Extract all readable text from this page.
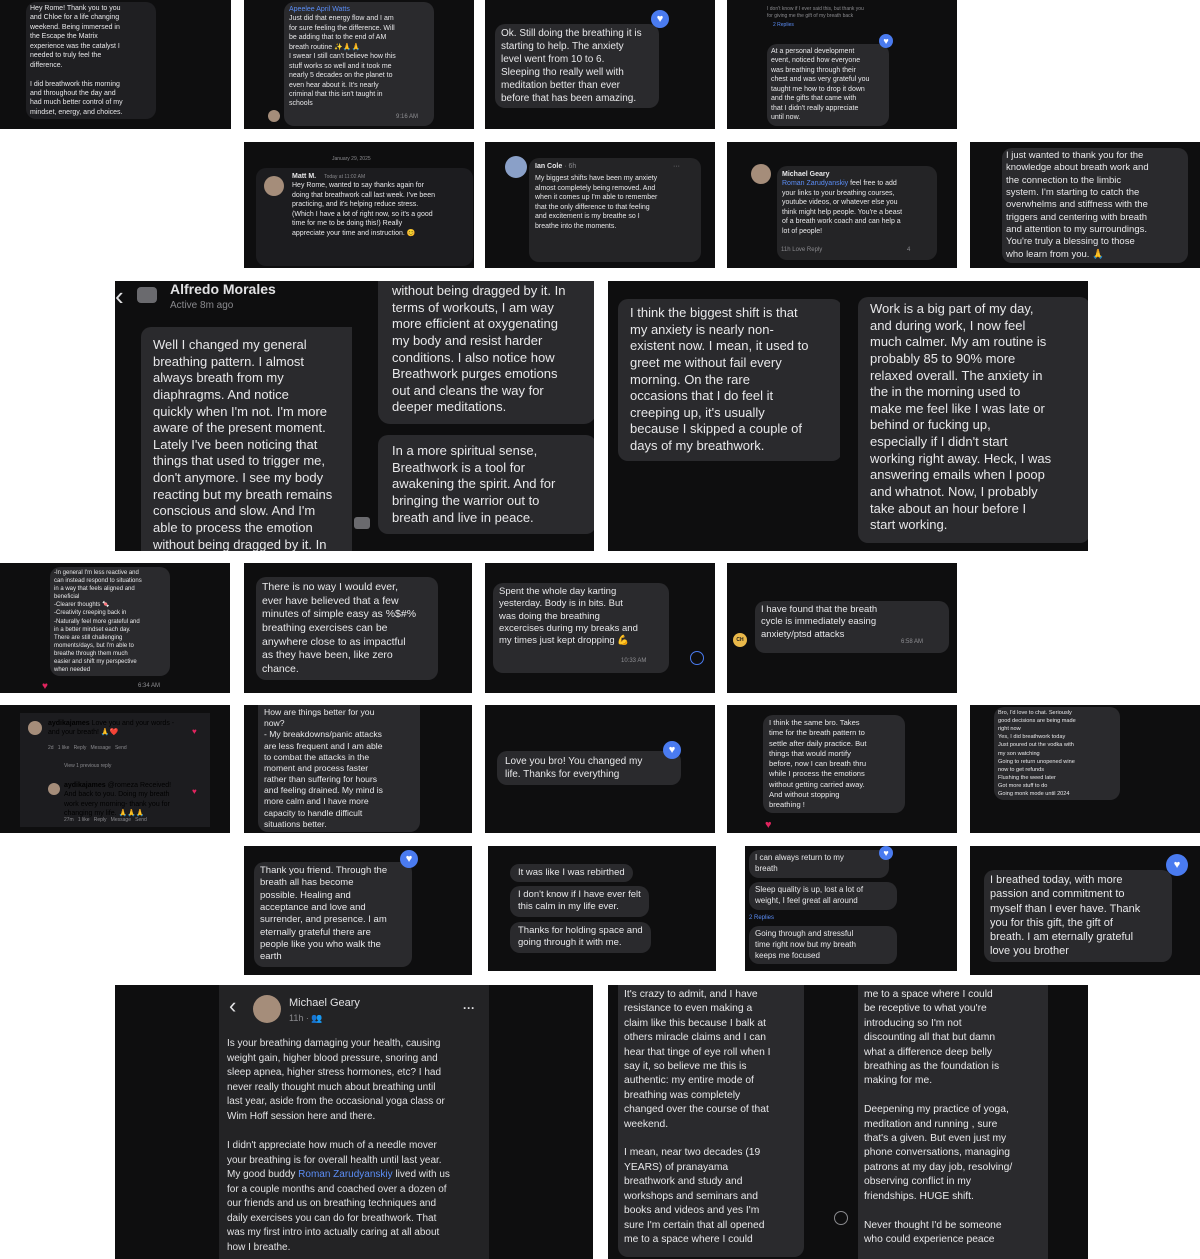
Hey Rome! Thank you to you
and Chloe for a life changing
weekend. Being immersed in
the Escape the Matrix
experience was the catalyst I
needed to truly feel the
difference.

I did breathwork this morning
and throughout the day and
had much better control of my
mindset, energy, and choices.
Apeelee April Watts
Just did that energy flow and I am
for sure feeling the difference. Will
be adding that to the end of AM
breath routine ✨🙏🙏
I swear I still can't believe how this
stuff works so well and it took me
nearly 5 decades on the planet to
even hear about it. It's nearly
criminal that this isn't taught in
schools
9:16 AM
Ok. Still doing the breathing it is
starting to help. The anxiety
level went from 10 to 6.
Sleeping tho really well with
meditation better than ever
before that has been amazing.
♥
I don't know if I ever said this, but thank you
for giving me the gift of my breath back
2 Replies
At a personal development
event, noticed how everyone
was breathing through their
chest and was very grateful you
taught me how to drop it down
and the gifts that came with
that I didn't really appreciate
until now.
♥
January 29, 2025
Matt M. Today at 11:02 AM
Hey Rome, wanted to say thanks again for
doing that breathwork call last week. I've been
practicing, and it's helping reduce stress.
(Which I have a lot of right now, so it's a good
time for me to be doing this!) Really
appreciate your time and instruction. 😊
Ian Cole · 6h
My biggest shifts have been my anxiety
almost completely being removed. And
when it comes up I'm able to remember
that the only difference to that feeling
and excitement is my breathe so I
breathe into the moments.
···
Michael Geary
Roman Zarudyanskiy feel free to add
your links to your breathing courses,
youtube videos, or whatever else you
think might help people. You're a beast
of a breath work coach and can help a
lot of people!
11h Love Reply	4
I just wanted to thank you for the
knowledge about breath work and
the connection to the limbic
system. I'm starting to catch the
overwhelms and stiffness with the
triggers and centering with breath
and attention to my surroundings.
You're truly a blessing to those
who learn from you. 🙏
‹	Alfredo Morales
Active 8m ago
Well I changed my general
breathing pattern. I almost
always breath from my
diaphragms. And notice
quickly when I'm not. I'm more
aware of the present moment.
Lately I've been noticing that
things that used to trigger me,
don't anymore. I see my body
reacting but my breath remains
conscious and slow. And I'm
able to process the emotion
without being dragged by it. In
without being dragged by it. In
terms of workouts, I am way
more efficient at oxygenating
my body and resist harder
conditions. I also notice how
Breathwork purges emotions
out and cleans the way for
deeper meditations.
In a more spiritual sense,
Breathwork is a tool for
awakening the spirit. And for
bringing the warrior out to
breath and live in peace.
I think the biggest shift is that
my anxiety is nearly non-
existent now. I mean, it used to
greet me without fail every
morning. On the rare
occasions that I do feel it
creeping up, it's usually
because I skipped a couple of
days of my breathwork.
Work is a big part of my day,
and during work, I now feel
much calmer. My am routine is
probably 85 to 90% more
relaxed overall. The anxiety in
the in the morning used to
make me feel like I was late or
behind or fucking up,
especially if I didn't start
working right away. Heck, I was
answering emails when I poop
and whatnot. Now, I probably
take about an hour before I
start working.
-In general I'm less reactive and
can instead respond to situations
in a way that feels aligned and
beneficial
-Clearer thoughts 🍬
-Creativity creeping back in
-Naturally feel more grateful and
in a better mindset each day.
There are still challenging
moments/days, but I'm able to
breathe through them much
easier and shift my perspective
when needed
6:34 AM
♥
There is no way I would ever,
ever have believed that a few
minutes of simple easy as %$#%
breathing exercises can be
anywhere close to as impactful
as they have been, like zero
chance.
Spent the whole day karting
yesterday. Body is in bits. But
was doing the breathing
excercises during my breaks and
my times just kept dropping 💪
10:33 AM
I have found that the breath
cycle is immediately easing
anxiety/ptsd attacks
6:58 AM
CH
aydikajames Love you and your words -
and your breath! 🙏❤️
2d   1 like   Reply   Message   Send
View 1 previous reply
aydikajames @romeza Received!
And back to you. Doing my breath
work every morning- thank you for
changing my life. 🙏🙏🙏
27m   1 like   Reply   Message   Send
♥
♥
How are things better for you
now?
- My breakdowns/panic attacks
are less frequent and I am able
to combat the attacks in the
moment and process faster
rather than suffering for hours
and feeling drained. My mind is
more calm and I have more
capacity to handle difficult
situations better.
Love you bro! You changed my
life. Thanks for everything
♥
I think the same bro. Takes
time for the breath pattern to
settle after daily practice. But
things that would mortify
before, now I can breath thru
while I process the emotions
without getting carried away.
And without stopping
breathing !
♥
Bro, I'd love to chat. Seriously
good decisions are being made
right now
Yes, I did breathwork today
Just poured out the vodka with
my son watching
Going to return unopened wine
now to get refunds
Flushing the weed later
Got more stuff to do
Going monk mode until 2024
Thank you friend. Through the
breath all has become
possible. Healing and
acceptance and love and
surrender, and presence. I am
eternally grateful there are
people like you who walk the
earth
♥
It was like I was rebirthed
I don't know if I have ever felt
this calm in my life ever.
Thanks for holding space and
going through it with me.
I can always return to my
breath
♥
Sleep quality is up, lost a lot of
weight, I feel great all around
2 Replies
Going through and stressful
time right now but my breath
keeps me focused
I breathed today, with more
passion and commitment to
myself than I ever have. Thank
you for this gift, the gift of
breath. I am eternally grateful
love you brother
♥
‹	Michael Geary
11h · 👥
···
Is your breathing damaging your health, causing
weight gain, higher blood pressure, snoring and
sleep apnea, higher stress hormones, etc? I had
never really thought much about breathing until
last year, aside from the occasional yoga class or
Wim Hoff session here and there.
I didn't appreciate how much of a needle mover
your breathing is for overall health until last year.
My good buddy Roman Zarudyanskiy lived with us
for a couple months and coached over a dozen of
our friends and us on breathing techniques and
daily exercises you can do for breathwork. That
was my first intro into actually caring at all about
how I breathe.
It's crazy to admit, and I have
resistance to even making a
claim like this because I balk at
others miracle claims and I can
hear that tinge of eye roll when I
say it, so believe me this is
authentic: my entire mode of
breathing was completely
changed over the course of that
weekend.

I mean, near two decades (19
YEARS) of pranayama
breathwork and study and
workshops and seminars and
books and videos and yes I'm
sure I'm certain that all opened
me to a space where I could
me to a space where I could
be receptive to what you're
introducing so I'm not
discounting all that but damn
what a difference deep belly
breathing as the foundation is
making for me.

Deepening my practice of yoga,
meditation and running , sure
that's a given. But even just my
phone conversations, managing
patrons at my day job, resolving/
observing conflict in my
friendships. HUGE shift.

Never thought I'd be someone
who could experience peace
